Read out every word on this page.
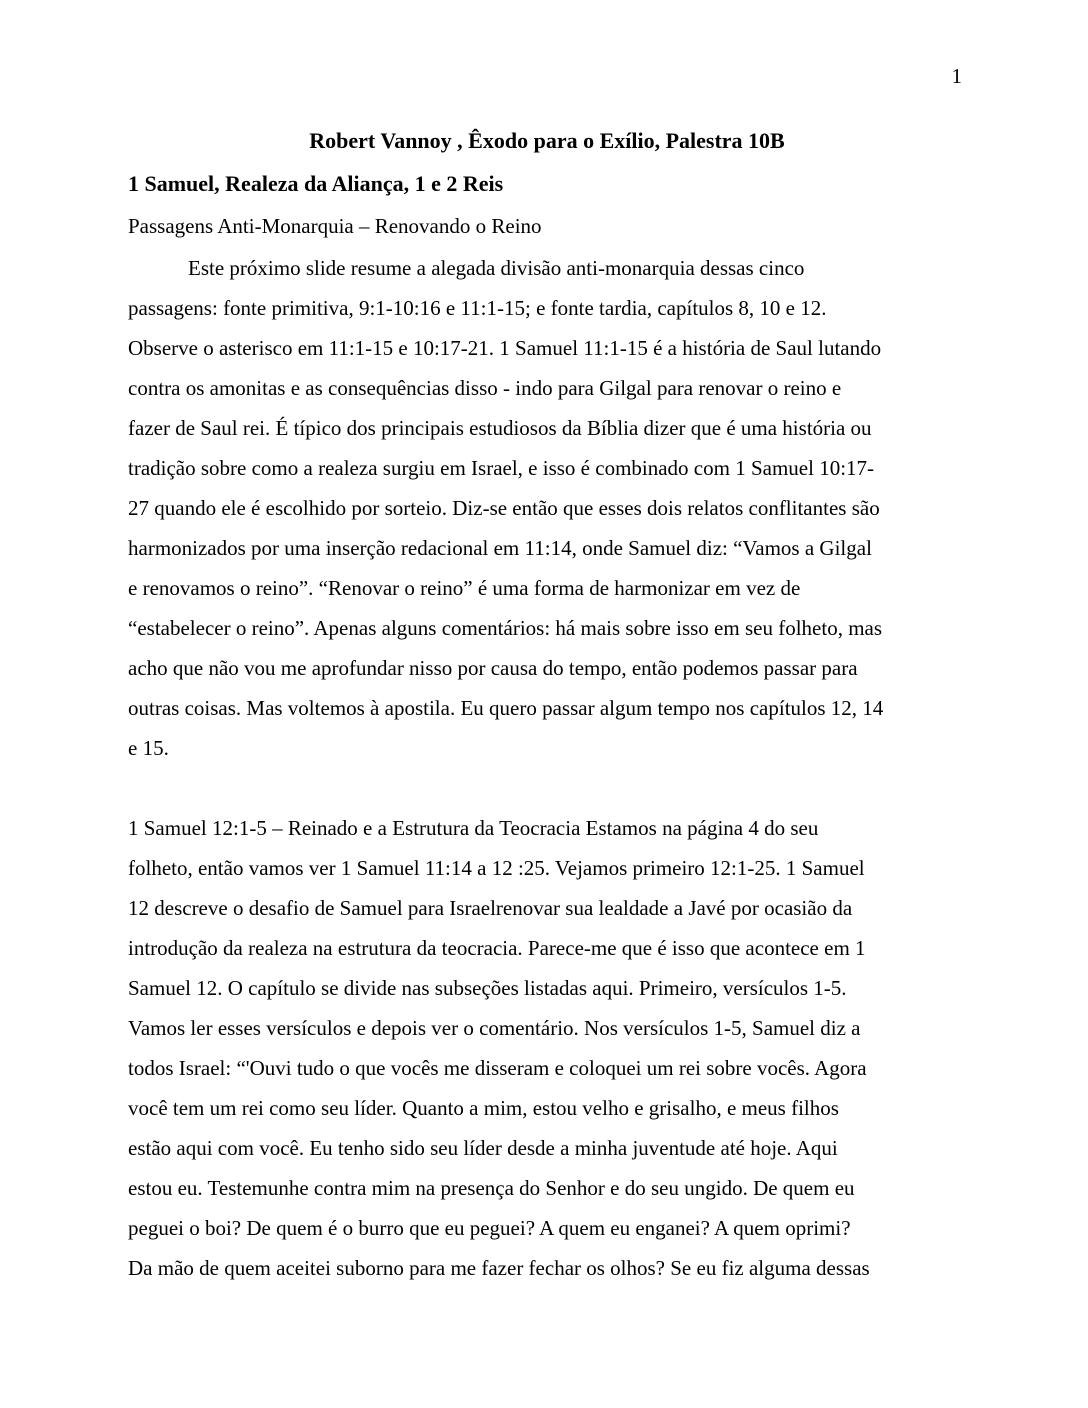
1
Robert Vannoy , Êxodo para o Exílio, Palestra 10B
1 Samuel, Realeza da Aliança, 1 e 2 Reis
Passagens Anti-Monarquia – Renovando o Reino
Este próximo slide resume a alegada divisão anti-monarquia dessas cinco
passagens: fonte primitiva, 9:1-10:16 e 11:1-15; e fonte tardia, capítulos 8, 10 e 12.
Observe o asterisco em 11:1-15 e 10:17-21. 1 Samuel 11:1-15 é a história de Saul lutando
contra os amonitas e as consequências disso - indo para Gilgal para renovar o reino e
fazer de Saul rei. É típico dos principais estudiosos da Bíblia dizer que é uma história ou
tradição sobre como a realeza surgiu em Israel, e isso é combinado com 1 Samuel 10:17-
27 quando ele é escolhido por sorteio. Diz-se então que esses dois relatos conflitantes são
harmonizados por uma inserção redacional em 11:14, onde Samuel diz: “Vamos a Gilgal
e renovamos o reino”. “Renovar o reino” é uma forma de harmonizar em vez de
“estabelecer o reino”. Apenas alguns comentários: há mais sobre isso em seu folheto, mas
acho que não vou me aprofundar nisso por causa do tempo, então podemos passar para
outras coisas. Mas voltemos à apostila. Eu quero passar algum tempo nos capítulos 12, 14
e 15.
1 Samuel 12:1-5 – Reinado e a Estrutura da Teocracia Estamos na página 4 do seu
folheto, então vamos ver 1 Samuel 11:14 a 12 :25. Vejamos primeiro 12:1-25. 1 Samuel
12 descreve o desafio de Samuel para Israelrenovar sua lealdade a Javé por ocasião da
introdução da realeza na estrutura da teocracia. Parece-me que é isso que acontece em 1
Samuel 12. O capítulo se divide nas subseções listadas aqui. Primeiro, versículos 1-5.
Vamos ler esses versículos e depois ver o comentário. Nos versículos 1-5, Samuel diz a
todos Israel: “'Ouvi tudo o que vocês me disseram e coloquei um rei sobre vocês. Agora
você tem um rei como seu líder. Quanto a mim, estou velho e grisalho, e meus filhos
estão aqui com você. Eu tenho sido seu líder desde a minha juventude até hoje. Aqui
estou eu. Testemunhe contra mim na presença do Senhor e do seu ungido. De quem eu
peguei o boi? De quem é o burro que eu peguei? A quem eu enganei? A quem oprimi?
Da mão de quem aceitei suborno para me fazer fechar os olhos? Se eu fiz alguma dessas
